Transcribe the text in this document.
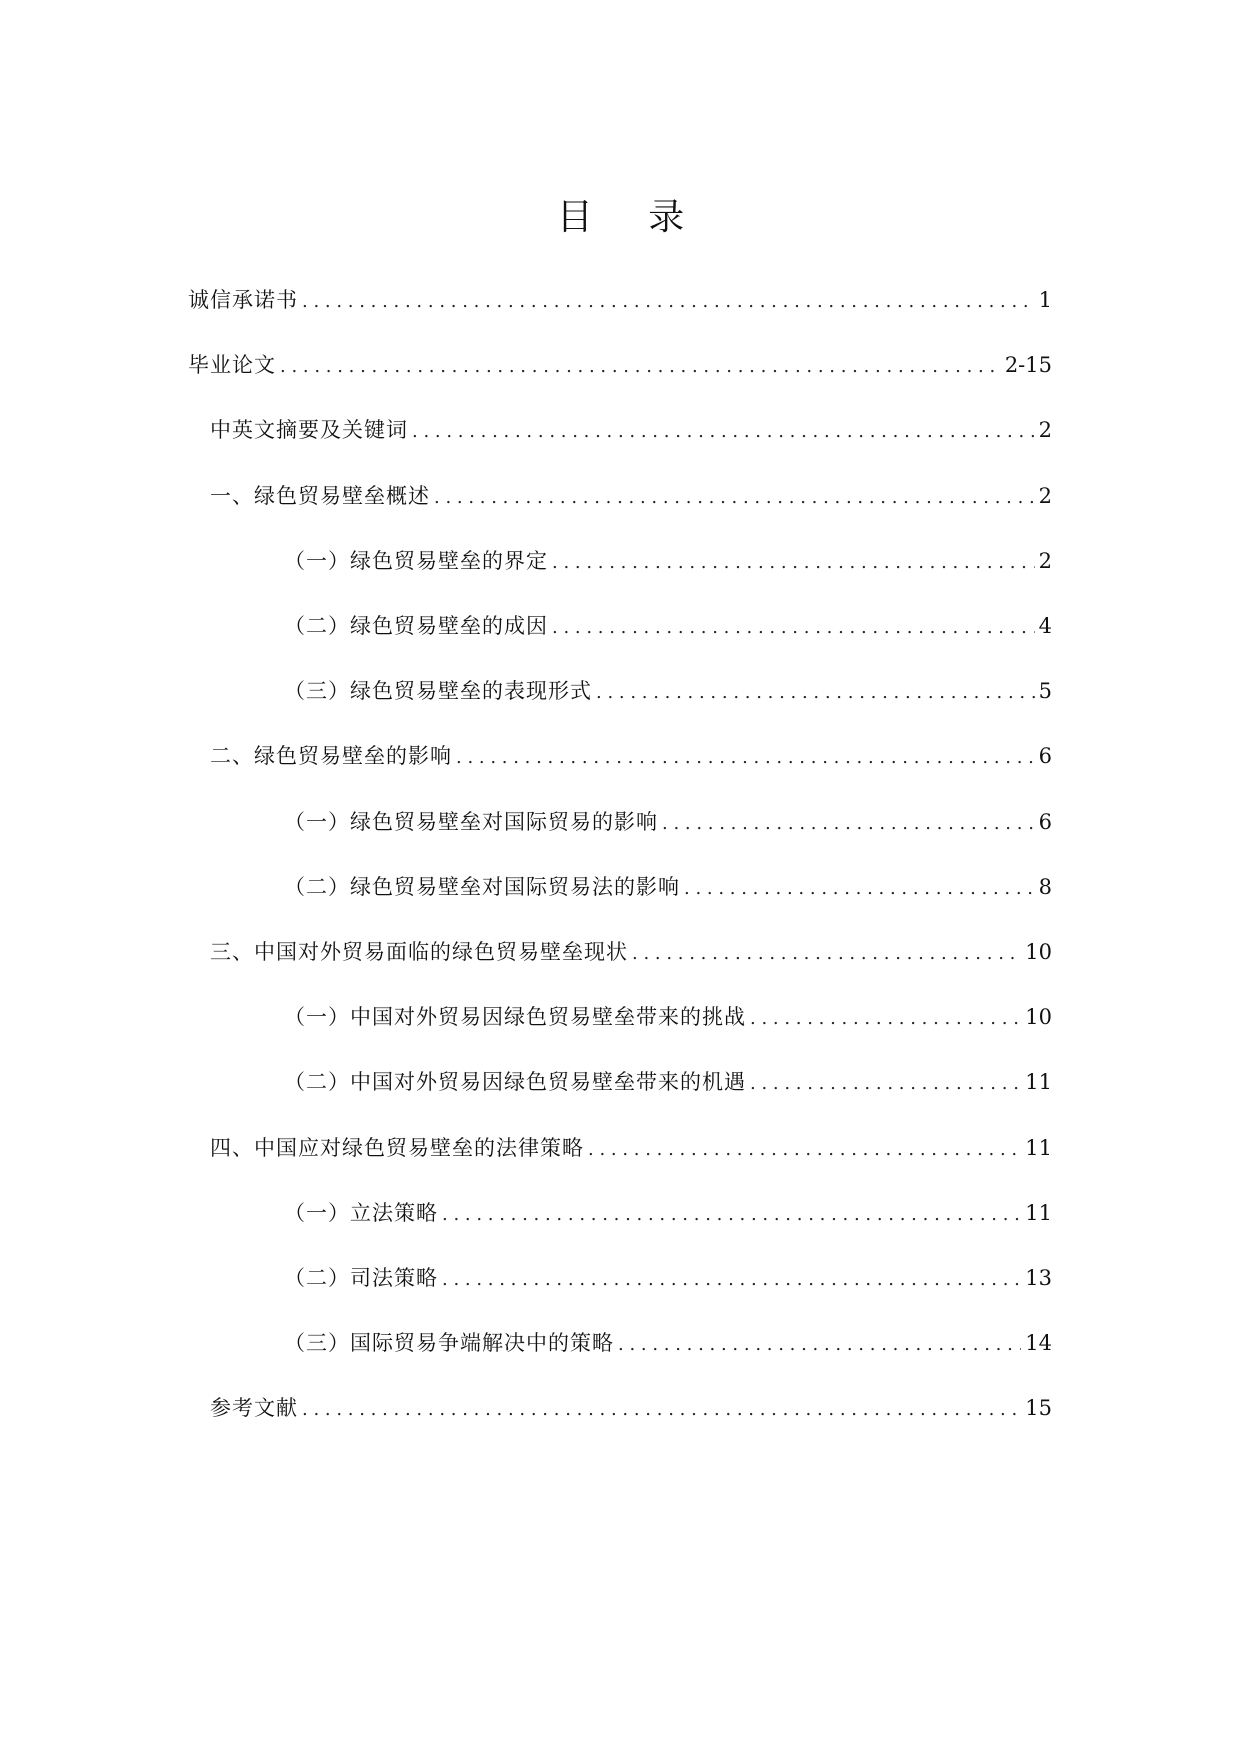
目 录
诚信承诺书 . . .	1
毕业论文 . . .	2-15
中英文摘要及关键词 . . .	2
一、绿色贸易壁垒概述 . . .	2
（一）绿色贸易壁垒的界定 . . .	2
（二）绿色贸易壁垒的成因 . . .	4
（三）绿色贸易壁垒的表现形式 . . .	5
二、绿色贸易壁垒的影响 . . .	6
（一）绿色贸易壁垒对国际贸易的影响 . . .	6
（二）绿色贸易壁垒对国际贸易法的影响 . . .	8
三、中国对外贸易面临的绿色贸易壁垒现状 . . .	10
（一）中国对外贸易因绿色贸易壁垒带来的挑战 . . .	10
（二）中国对外贸易因绿色贸易壁垒带来的机遇 . . .	11
四、中国应对绿色贸易壁垒的法律策略 . . .	11
（一）立法策略 . . .	11
（二）司法策略 . . .	13
（三）国际贸易争端解决中的策略 . . .	14
参考文献 . . .	15
